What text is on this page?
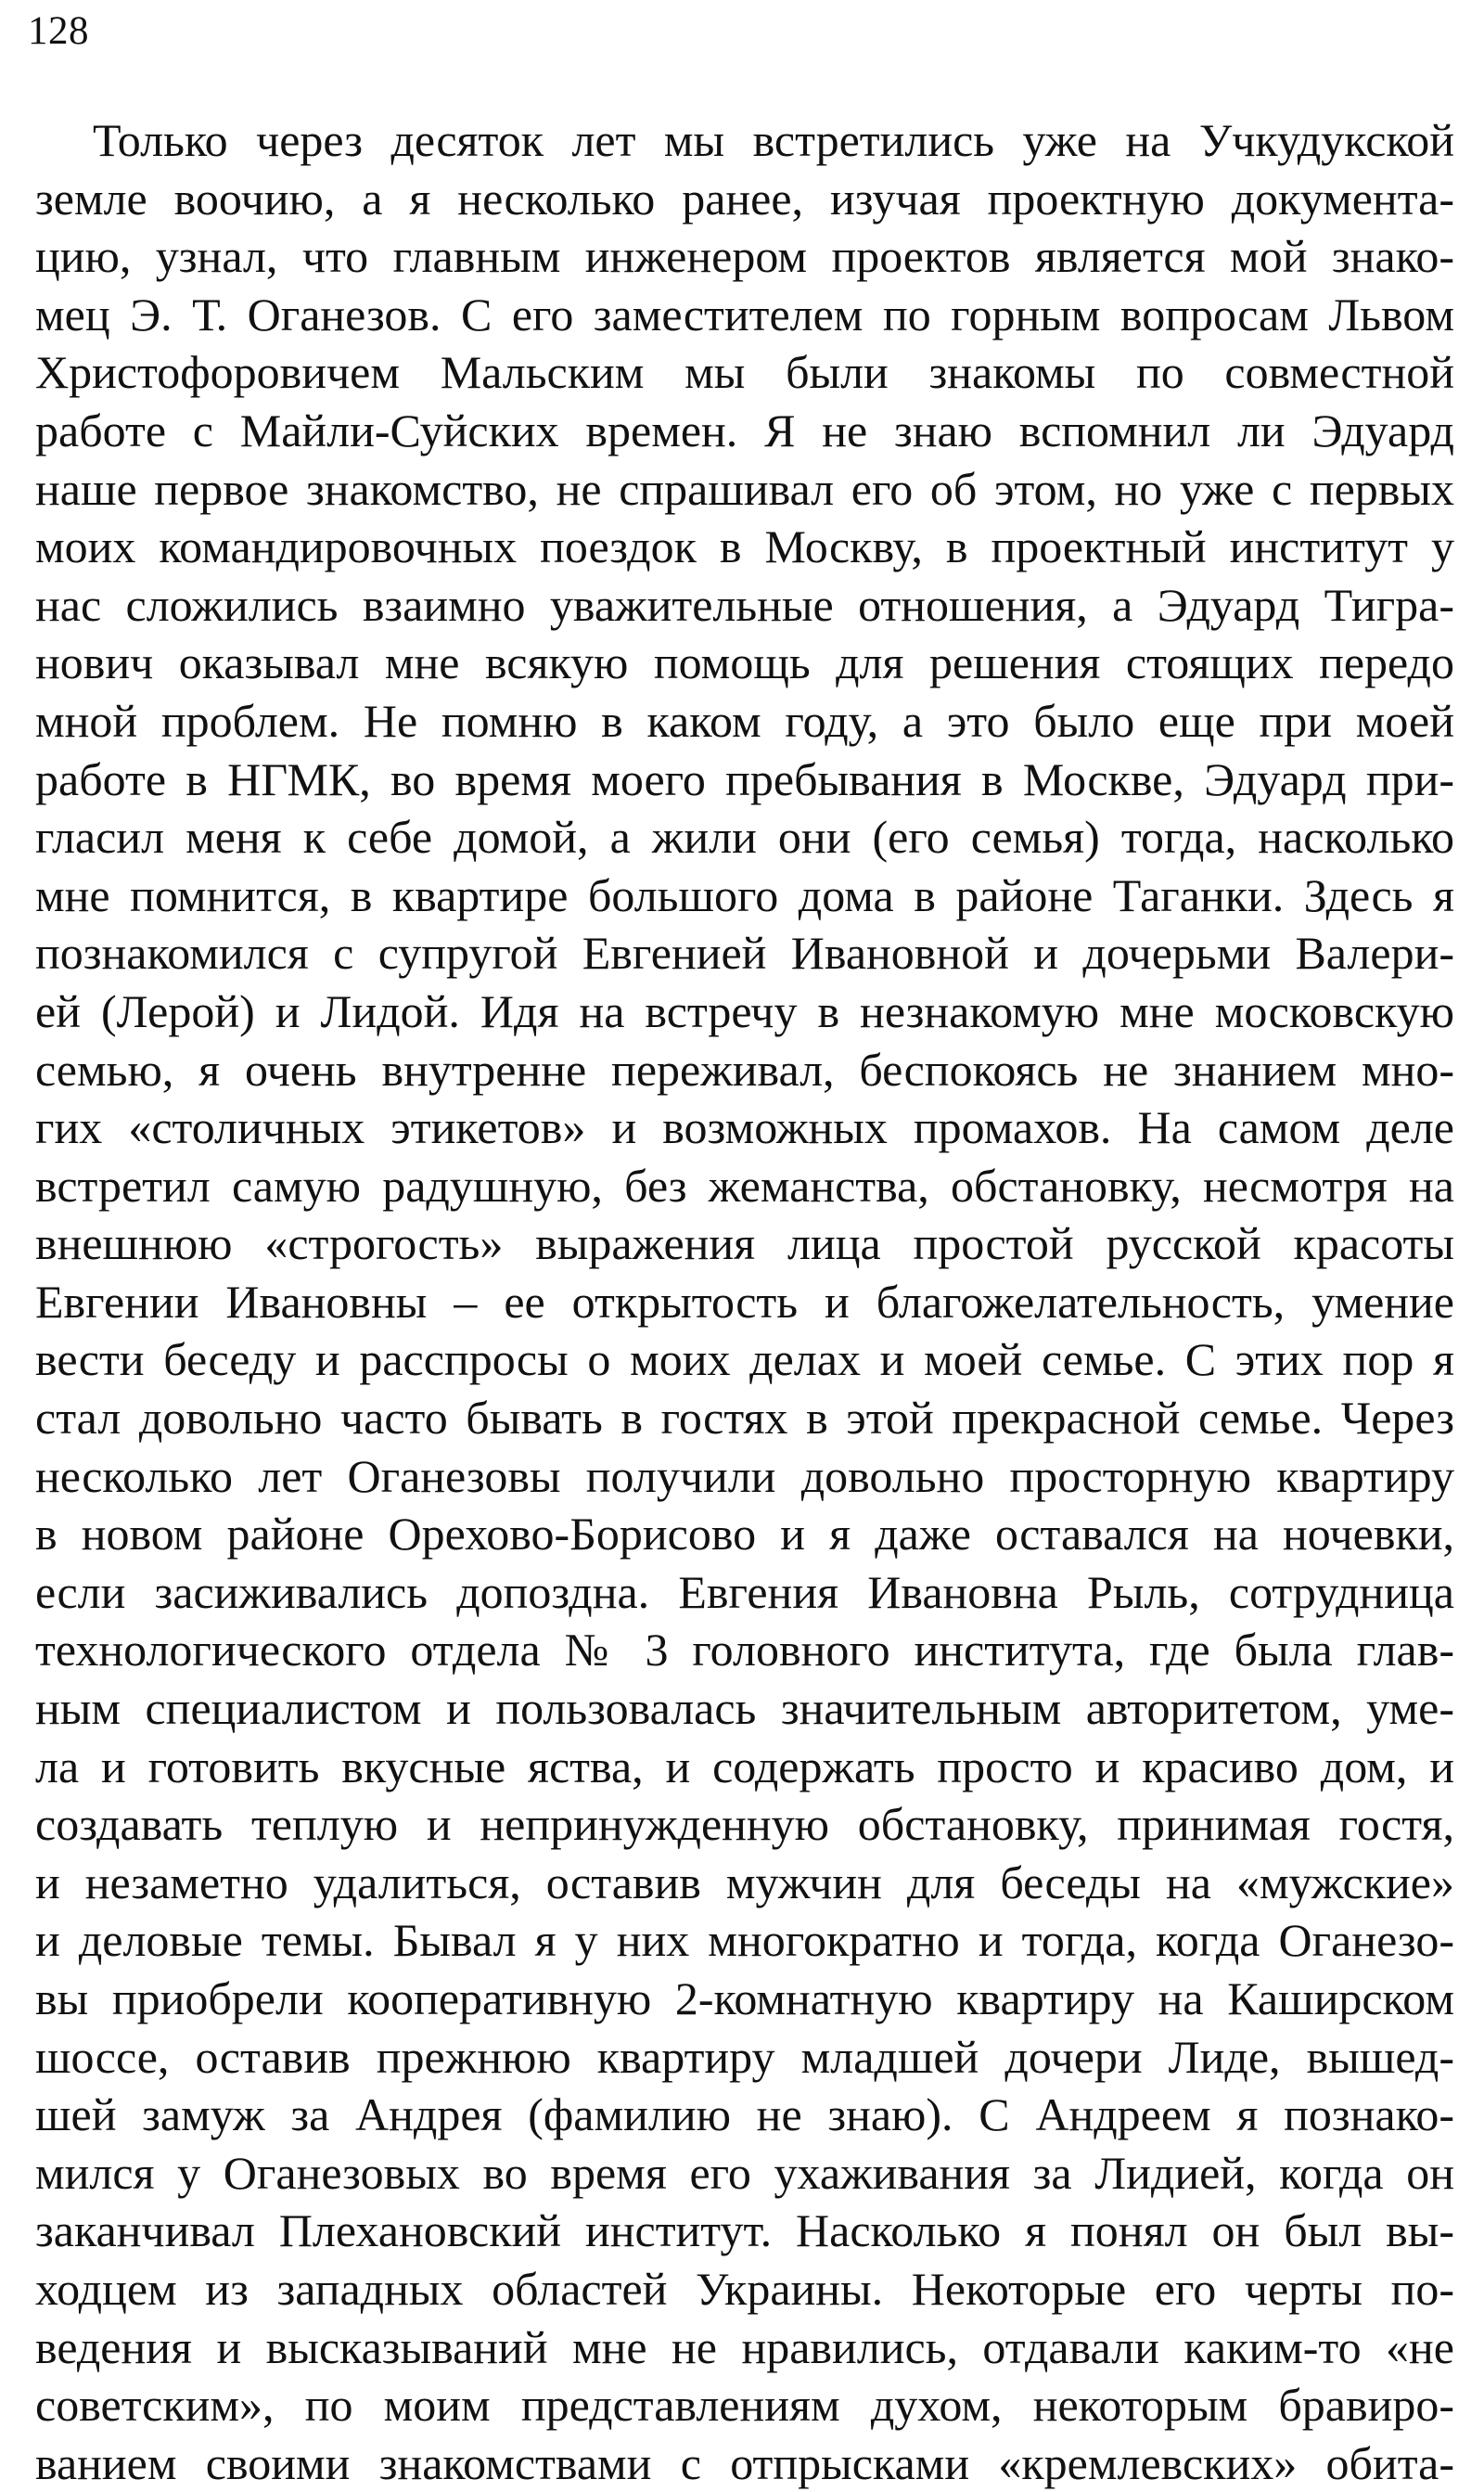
128
Только через десяток лет мы встретились уже на Учкудукской
земле воочию, а я несколько ранее, изучая проектную документа-
цию, узнал, что главным инженером проектов является мой знако-
мец Э. Т. Оганезов. С его заместителем по горным вопросам Львом
Христофоровичем Мальским мы были знакомы по совместной
работе с Майли-Суйских времен. Я не знаю вспомнил ли Эдуард
наше первое знакомство, не спрашивал его об этом, но уже с первых
моих командировочных поездок в Москву, в проектный институт у
нас сложились взаимно уважительные отношения, а Эдуард Тигра-
нович оказывал мне всякую помощь для решения стоящих передо
мной проблем. Не помню в каком году, а это было еще при моей
работе в НГМК, во время моего пребывания в Москве, Эдуард при-
гласил меня к себе домой, а жили они (его семья) тогда, насколько
мне помнится, в квартире большого дома в районе Таганки. Здесь я
познакомился с супругой Евгенией Ивановной и дочерьми Валери-
ей (Лерой) и Лидой. Идя на встречу в незнакомую мне московскую
семью, я очень внутренне переживал, беспокоясь не знанием мно-
гих «столичных этикетов» и возможных промахов. На самом деле
встретил самую радушную, без жеманства, обстановку, несмотря на
внешнюю «строгость» выражения лица простой русской красоты
Евгении Ивановны – ее открытость и благожелательность, умение
вести беседу и расспросы о моих делах и моей семье. С этих пор я
стал довольно часто бывать в гостях в этой прекрасной семье. Через
несколько лет Оганезовы получили довольно просторную квартиру
в новом районе Орехово-Борисово и я даже оставался на ночевки,
если засиживались допоздна. Евгения Ивановна Рыль, сотрудница
технологического отдела № 3 головного института, где была глав-
ным специалистом и пользовалась значительным авторитетом, уме-
ла и готовить вкусные яства, и содержать просто и красиво дом, и
создавать теплую и непринужденную обстановку, принимая гостя,
и незаметно удалиться, оставив мужчин для беседы на «мужские»
и деловые темы. Бывал я у них многократно и тогда, когда Оганезо-
вы приобрели кооперативную 2-комнатную квартиру на Каширском
шоссе, оставив прежнюю квартиру младшей дочери Лиде, вышед-
шей замуж за Андрея (фамилию не знаю). С Андреем я познако-
мился у Оганезовых во время его ухаживания за Лидией, когда он
заканчивал Плехановский институт. Насколько я понял он был вы-
ходцем из западных областей Украины. Некоторые его черты по-
ведения и высказываний мне не нравились, отдавали каким-то «не
советским», по моим представлениям духом, некоторым бравиро-
ванием своими знакомствами с отпрысками «кремлевских» обита-
